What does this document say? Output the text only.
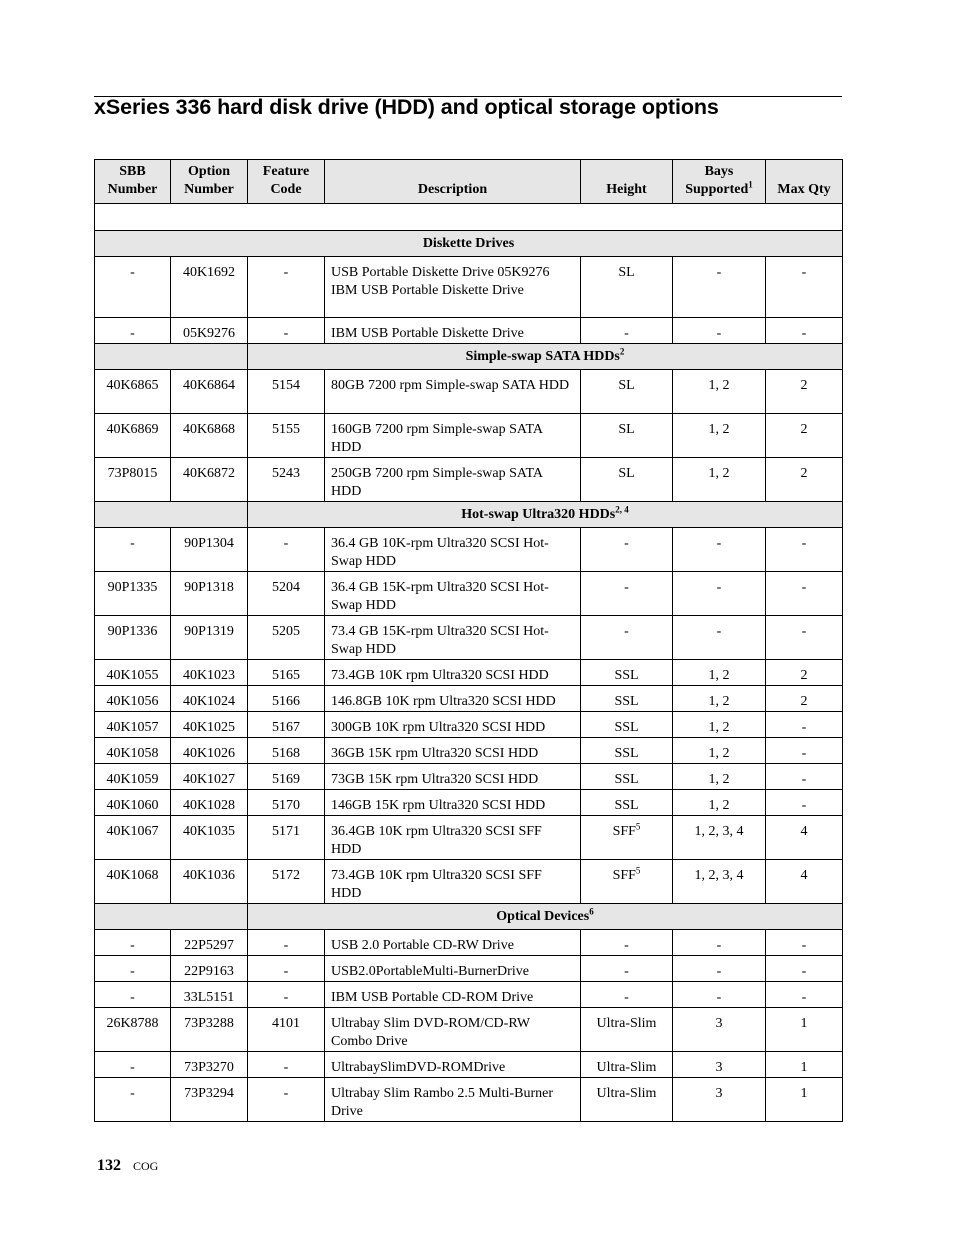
xSeries 336 hard disk drive (HDD) and optical storage options
SBB Number	Option Number	Feature Code	Description	Height	Bays Supported$^1$	Max Qty

Diskette Drives						
-	40K1692	-	USB Portable Diskette Drive 05K9276 IBM USB Portable Diskette Drive	SL	-	-
-	05K9276	-	IBM USB Portable Diskette Drive	-	-	-
		Simple-swap SATA HDDs$^2$
40K6865	40K6864	5154	80GB 7200 rpm Simple-swap SATA HDD	SL	1, 2	2
40K6869	40K6868	5155	160GB 7200 rpm Simple-swap SATA HDD	SL	1, 2	2
73P8015	40K6872	5243	250GB 7200 rpm Simple-swap SATA HDD	SL	1, 2	2
		Hot-swap Ultra320 HDDs$^{2, 4}$
-	90P1304	-	36.4 GB 10K-rpm Ultra320 SCSI Hot-Swap HDD	-	-	-
90P1335	90P1318	5204	36.4 GB 15K-rpm Ultra320 SCSI Hot-Swap HDD	-	-	-
90P1336	90P1319	5205	73.4 GB 15K-rpm Ultra320 SCSI Hot-Swap HDD	-	-	-
40K1055	40K1023	5165	73.4GB 10K rpm Ultra320 SCSI HDD	SSL	1, 2	2
40K1056	40K1024	5166	146.8GB 10K rpm Ultra320 SCSI HDD	SSL	1, 2	2
40K1057	40K1025	5167	300GB 10K rpm Ultra320 SCSI HDD	SSL	1, 2	-
40K1058	40K1026	5168	36GB 15K rpm Ultra320 SCSI HDD	SSL	1, 2	-
40K1059	40K1027	5169	73GB 15K rpm Ultra320 SCSI HDD	SSL	1, 2	-
40K1060	40K1028	5170	146GB 15K rpm Ultra320 SCSI HDD	SSL	1, 2	-
40K1067	40K1035	5171	36.4GB 10K rpm Ultra320 SCSI SFF HDD	SFF$^5$	1, 2, 3, 4	4
40K1068	40K1036	5172	73.4GB 10K rpm Ultra320 SCSI SFF HDD	SFF$^5$	1, 2, 3, 4	4
		Optical Devices$^6$
-	22P5297	-	USB 2.0 Portable CD-RW Drive	-	-	-
-	22P9163	-	USB2.0PortableMulti-BurnerDrive	-	-	-
-	33L5151	-	IBM USB Portable CD-ROM Drive	-	-	-
26K8788	73P3288	4101	Ultrabay Slim DVD-ROM/CD-RW Combo Drive	Ultra-Slim	3	1
-	73P3270	-	UltrabaySlimDVD-ROMDrive	Ultra-Slim	3	1
-	73P3294	-	Ultrabay Slim Rambo 2.5 Multi-Burner Drive	Ultra-Slim	3	1
132 COG
